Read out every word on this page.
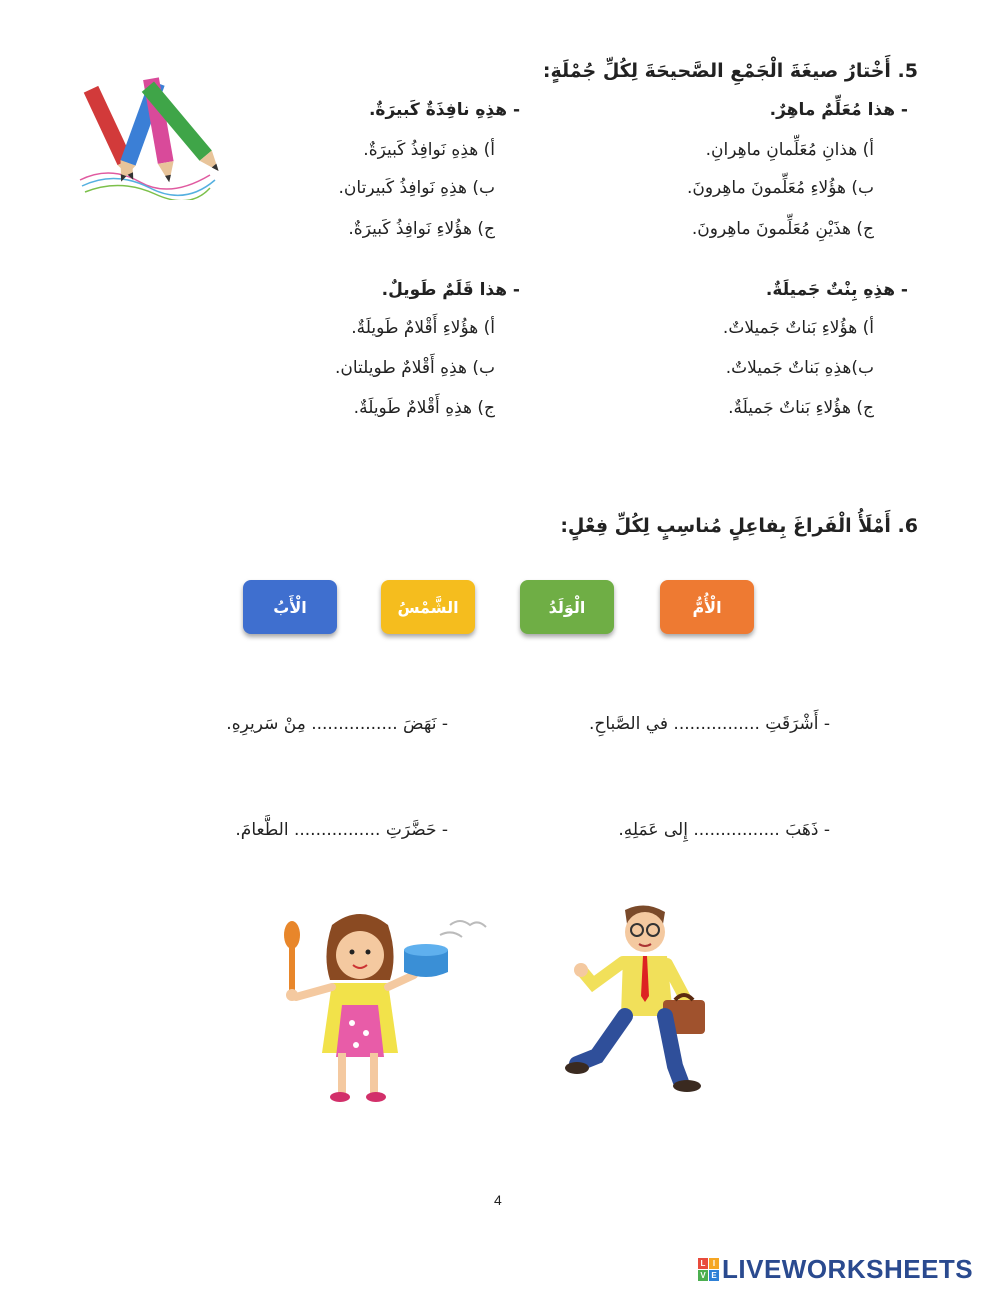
5. أَخْتارُ صيغَةَ الْجَمْعِ الصَّحيحَةَ لِكُلِّ جُمْلَةٍ:
- هذا مُعَلِّمٌ ماهِرٌ.
أ) هذانِ مُعَلِّمانِ ماهِرانِ.
ب) هؤُلاءِ مُعَلِّمونَ ماهِرونَ.
ج) هذَيْنِ مُعَلِّمونَ ماهِرونَ.
- هذِهِ نافِذَةٌ كَبيرَةٌ.
أ) هذِهِ نَوافِذُ كَبيرَةٌ.
ب) هذِهِ نَوافِذُ كَبيرتان.
ج) هؤُلاءِ نَوافِذُ كَبيرَةٌ.
- هذِهِ بِنْتٌ جَميلَةٌ.
أ) هؤُلاءِ بَناتٌ جَميلاتٌ.
ب)هذِهِ بَناتٌ جَميلاتٌ.
ج) هؤُلاءِ بَناتٌ جَميلَةٌ.
- هذا قَلَمٌ طَويلٌ.
أ) هؤُلاءِ أَقْلامٌ طَويلَةٌ.
ب) هذِهِ أَقْلامٌ طويلتان.
ج) هذِهِ أَقْلامٌ طَويلَةٌ.
6. أَمْلَأُ الْفَراغَ بِفاعِلٍ مُناسِبٍ لِكُلِّ فِعْلٍ:
الْأُمُّ
الْوَلَدُ
الشَّمْسُ
الْأَبُ
- أَشْرَقَتِ ................ في الصَّباحِ.
- نَهَضَ ................ مِنْ سَريرِهِ.
- ذَهَبَ ................ إِلى عَمَلِهِ.
- حَضَّرَتِ ................ الطَّعامَ.
4
L I
V E LIVEWORKSHEETS
